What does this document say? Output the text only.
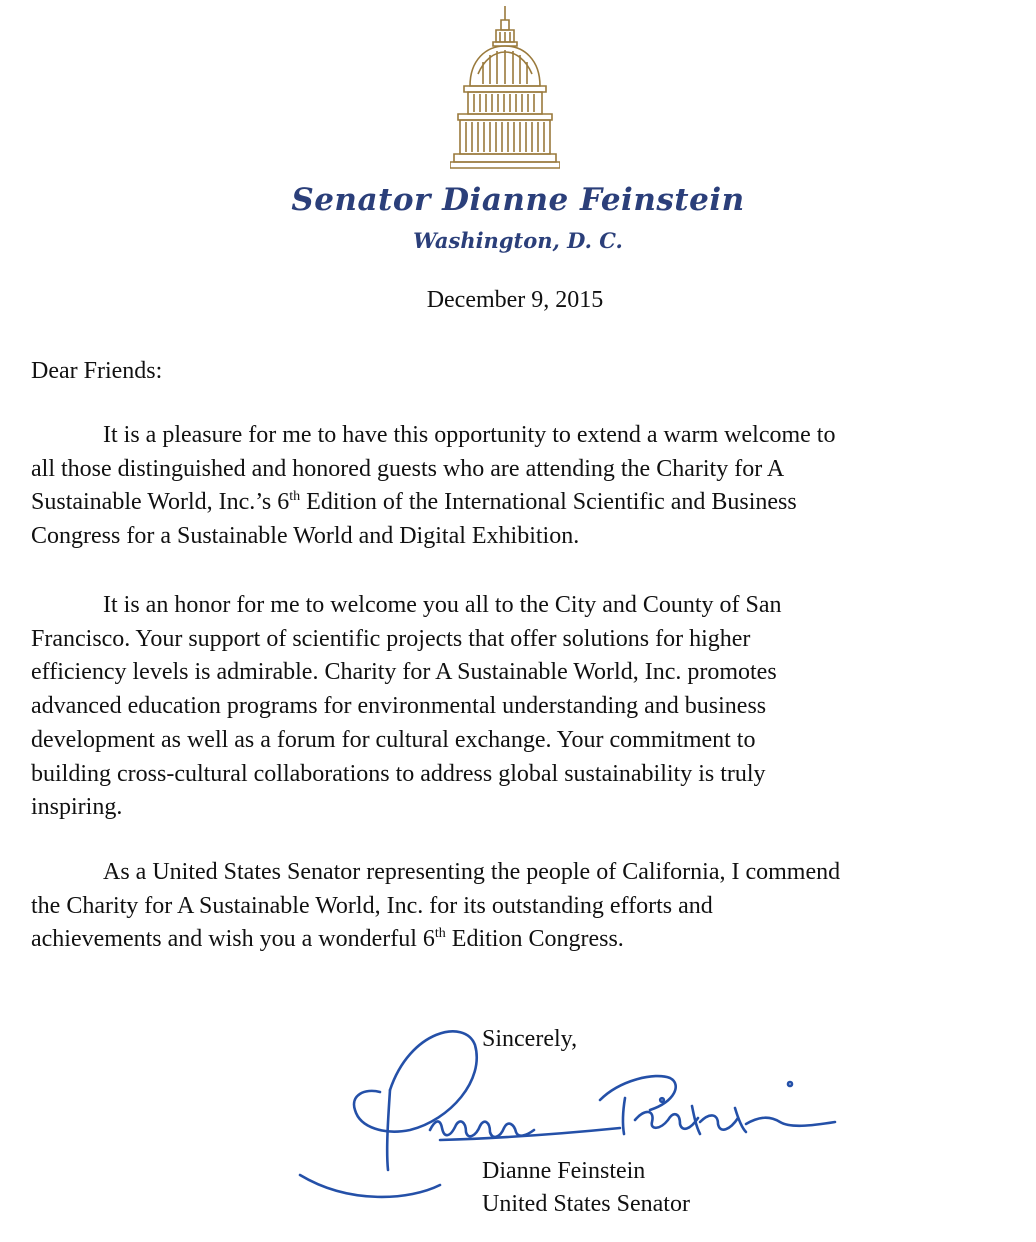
Senator Dianne Feinstein
Washington, D. C.
December 9, 2015
Dear Friends:

It is a pleasure for me to have this opportunity to extend a warm welcome to
all those distinguished and honored guests who are attending the Charity for A
Sustainable World, Inc.’s 6th Edition of the International Scientific and Business
Congress for a Sustainable World and Digital Exhibition.

It is an honor for me to welcome you all to the City and County of San
Francisco. Your support of scientific projects that offer solutions for higher
efficiency levels is admirable. Charity for A Sustainable World, Inc. promotes
advanced education programs for environmental understanding and business
development as well as a forum for cultural exchange. Your commitment to
building cross-cultural collaborations to address global sustainability is truly
inspiring.

As a United States Senator representing the people of California, I commend
the Charity for A Sustainable World, Inc. for its outstanding efforts and
achievements and wish you a wonderful 6th Edition Congress.

Sincerely,
Dianne Feinstein
United States Senator
